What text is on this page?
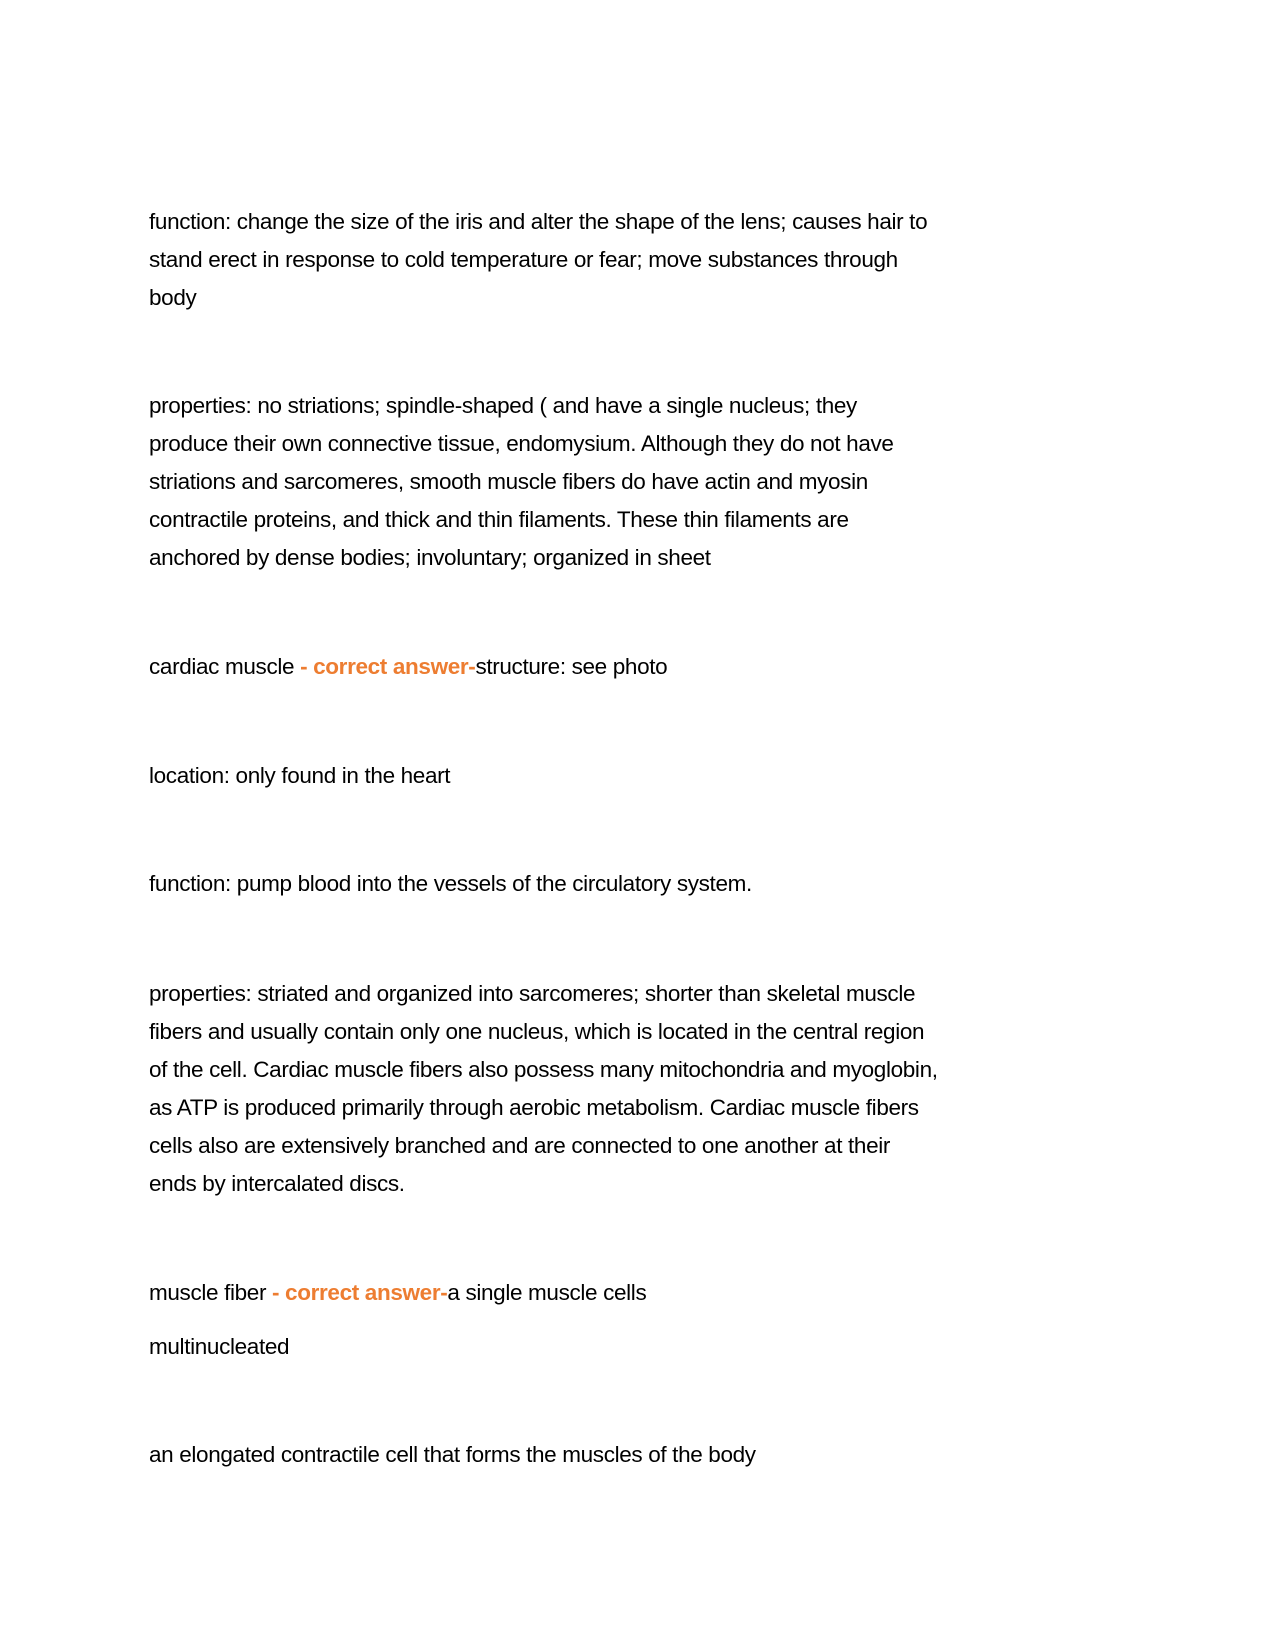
function: change the size of the iris and alter the shape of the lens; causes hair to
stand erect in response to cold temperature or fear; move substances through
body
properties: no striations; spindle-shaped ( and have a single nucleus; they
produce their own connective tissue, endomysium. Although they do not have
striations and sarcomeres, smooth muscle fibers do have actin and myosin
contractile proteins, and thick and thin filaments. These thin filaments are
anchored by dense bodies; involuntary; organized in sheet
cardiac muscle - correct answer-structure: see photo
location: only found in the heart
function: pump blood into the vessels of the circulatory system.
properties: striated and organized into sarcomeres; shorter than skeletal muscle
fibers and usually contain only one nucleus, which is located in the central region
of the cell. Cardiac muscle fibers also possess many mitochondria and myoglobin,
as ATP is produced primarily through aerobic metabolism. Cardiac muscle fibers
cells also are extensively branched and are connected to one another at their
ends by intercalated discs.
muscle fiber - correct answer-a single muscle cells
multinucleated
an elongated contractile cell that forms the muscles of the body
